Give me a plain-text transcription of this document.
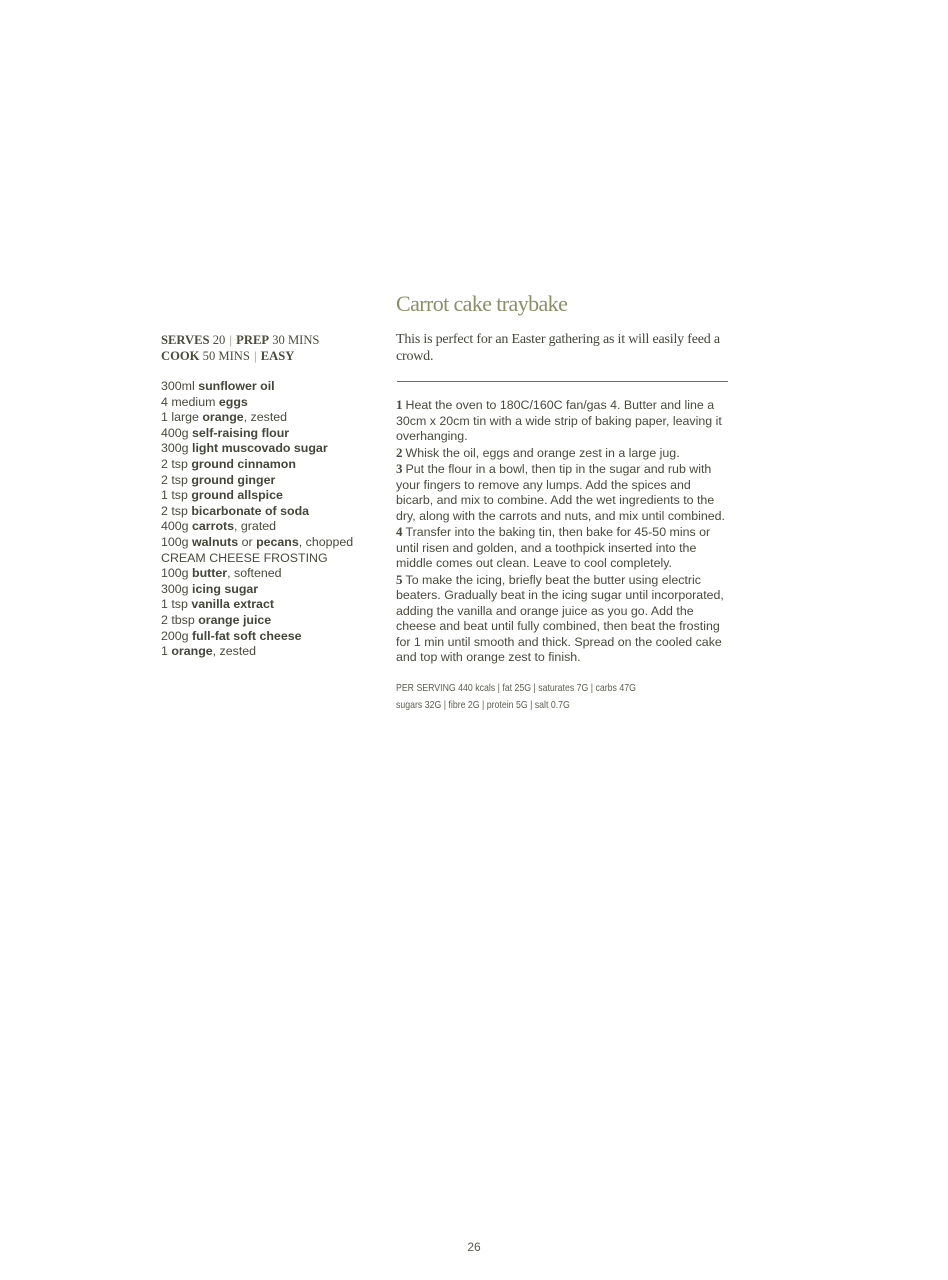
Carrot cake traybake
SERVES 20 | PREP 30 MINS
COOK 50 MINS | EASY
This is perfect for an Easter gathering as it will easily feed a crowd.
300ml sunflower oil
4 medium eggs
1 large orange, zested
400g self-raising flour
300g light muscovado sugar
2 tsp ground cinnamon
2 tsp ground ginger
1 tsp ground allspice
2 tsp bicarbonate of soda
400g carrots, grated
100g walnuts or pecans, chopped
CREAM CHEESE FROSTING
100g butter, softened
300g icing sugar
1 tsp vanilla extract
2 tbsp orange juice
200g full-fat soft cheese
1 orange, zested
1 Heat the oven to 180C/160C fan/gas 4. Butter and line a 30cm x 20cm tin with a wide strip of baking paper, leaving it overhanging.
2 Whisk the oil, eggs and orange zest in a large jug.
3 Put the flour in a bowl, then tip in the sugar and rub with your fingers to remove any lumps. Add the spices and bicarb, and mix to combine. Add the wet ingredients to the dry, along with the carrots and nuts, and mix until combined.
4 Transfer into the baking tin, then bake for 45-50 mins or until risen and golden, and a toothpick inserted into the middle comes out clean. Leave to cool completely.
5 To make the icing, briefly beat the butter using electric beaters. Gradually beat in the icing sugar until incorporated, adding the vanilla and orange juice as you go. Add the cheese and beat until fully combined, then beat the frosting for 1 min until smooth and thick. Spread on the cooled cake and top with orange zest to finish.
PER SERVING 440 kcals | fat 25G | saturates 7G | carbs 47G
sugars 32G | fibre 2G | protein 5G | salt 0.7G
26
